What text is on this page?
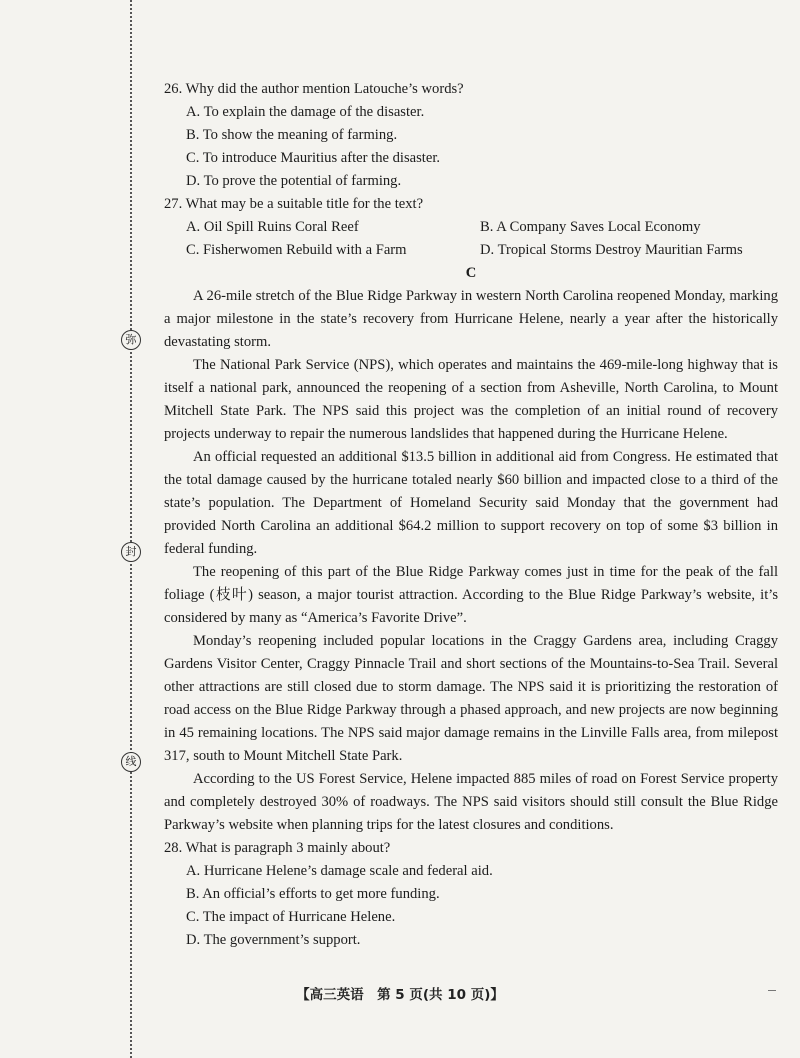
弥
封
线

26. Why did the author mention Latouche’s words?

A. To explain the damage of the disaster.

B. To show the meaning of farming.

C. To introduce Mauritius after the disaster.

D. To prove the potential of farming.

27. What may be a suitable title for the text?

A. Oil Spill Ruins Coral Reef	B. A Company Saves Local Economy
C. Fisherwomen Rebuild with a Farm	D. Tropical Storms Destroy Mauritian Farms

C

A 26-mile stretch of the Blue Ridge Parkway in western North Carolina reopened Monday, marking a major milestone in the state’s recovery from Hurricane Helene, nearly a year after the historically devastating storm.

The National Park Service (NPS), which operates and maintains the 469-mile-long highway that is itself a national park, announced the reopening of a section from Asheville, North Carolina, to Mount Mitchell State Park. The NPS said this project was the completion of an initial round of recovery projects underway to repair the numerous landslides that happened during the Hurricane Helene.

An official requested an additional $13.5 billion in additional aid from Congress. He estimated that the total damage caused by the hurricane totaled nearly $60 billion and impacted close to a third of the state’s population. The Department of Homeland Security said Monday that the government had provided North Carolina an additional $64.2 million to support recovery on top of some $3 billion in federal funding.

The reopening of this part of the Blue Ridge Parkway comes just in time for the peak of the fall foliage (枝叶) season, a major tourist attraction. According to the Blue Ridge Parkway’s website, it’s considered by many as “America’s Favorite Drive”.

Monday’s reopening included popular locations in the Craggy Gardens area, including Craggy Gardens Visitor Center, Craggy Pinnacle Trail and short sections of the Mountains-to-Sea Trail. Several other attractions are still closed due to storm damage. The NPS said it is prioritizing the restoration of road access on the Blue Ridge Parkway through a phased approach, and new projects are now beginning in 45 remaining locations. The NPS said major damage remains in the Linville Falls area, from milepost 317, south to Mount Mitchell State Park.

According to the US Forest Service, Helene impacted 885 miles of road on Forest Service property and completely destroyed 30% of roadways. The NPS said visitors should still consult the Blue Ridge Parkway’s website when planning trips for the latest closures and conditions.

28. What is paragraph 3 mainly about?

A. Hurricane Helene’s damage scale and federal aid.

B. An official’s efforts to get more funding.

C. The impact of Hurricane Helene.

D. The government’s support.

【高三英语　第 5 页(共 10 页)】
